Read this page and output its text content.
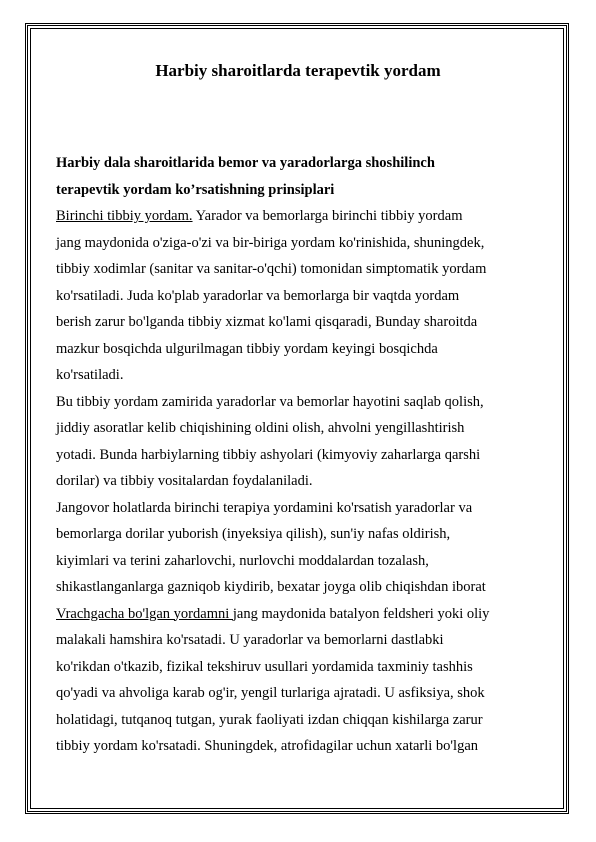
Harbiy sharoitlarda terapevtik yordam

Harbiy dala sharoitlarida bemor va yaradorlarga shoshilinch
terapevtik yordam ko’rsatishning prinsiplari

Birinchi tibbiy yordam. Yarador va bemorlarga birinchi tibbiy yordam
jang maydonida o'ziga-o'zi va bir-biriga yordam ko'rinishida, shuningdek,
tibbiy xodimlar (sanitar va sanitar-o'qchi) tomonidan simptomatik yordam
ko'rsatiladi. Juda ko'plab yaradorlar va bemorlarga bir vaqtda yordam
berish zarur bo'lganda tibbiy xizmat ko'lami qisqaradi, Bunday sharoitda
mazkur bosqichda ulgurilmagan tibbiy yordam keyingi bosqichda
ko'rsatiladi.

Bu tibbiy yordam zamirida yaradorlar va bemorlar hayotini saqlab qolish,
jiddiy asoratlar kelib chiqishining oldini olish, ahvolni yengillashtirish
yotadi. Bunda harbiylarning tibbiy ashyolari (kimyoviy zaharlarga qarshi
dorilar) va tibbiy vositalardan foydalaniladi.

Jangovor holatlarda birinchi terapiya yordamini ko'rsatish yaradorlar va
bemorlarga dorilar yuborish (inyeksiya qilish), sun'iy nafas oldirish,
kiyimlari va terini zaharlovchi, nurlovchi moddalardan tozalash,
shikastlanganlarga gazniqob kiydirib, bexatar joyga olib chiqishdan iborat

Vrachgacha bo'lgan yordamni jang maydonida batalyon feldsheri yoki oliy
malakali hamshira ko'rsatadi. U yaradorlar va bemorlarni dastlabki
ko'rikdan o'tkazib, fizikal tekshiruv usullari yordamida taxminiy tashhis
qo'yadi va ahvoliga karab og'ir, yengil turlariga ajratadi. U asfiksiya, shok
holatidagi, tutqanoq tutgan, yurak faoliyati izdan chiqqan kishilarga zarur
tibbiy yordam ko'rsatadi. Shuningdek, atrofidagilar uchun xatarli bo'lgan
